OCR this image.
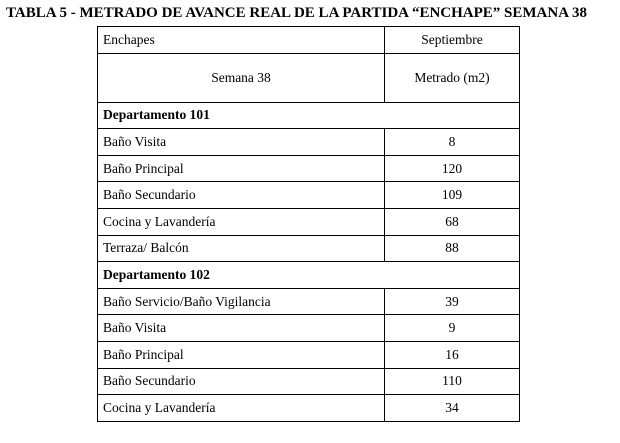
TABLA 5 - METRADO DE AVANCE REAL DE LA PARTIDA “ENCHAPE” SEMANA 38
Enchapes	Septiembre
Semana 38	Metrado (m2)
Departamento 101	
Baño Visita	8
Baño Principal	120
Baño Secundario	109
Cocina y Lavandería	68
Terraza/ Balcón	88
Departamento 102	
Baño Servicio/Baño Vigilancia	39
Baño Visita	9
Baño Principal	16
Baño Secundario	110
Cocina y Lavandería	34
